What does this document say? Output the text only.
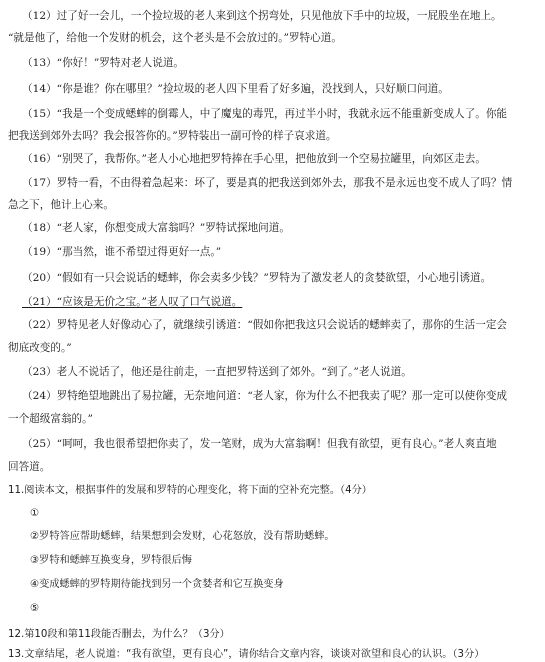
（12）过了好一会儿，一个捡垃圾的老人来到这个拐弯处，只见他放下手中的垃圾，一屁股坐在地上。
“就是他了，给他一个发财的机会，这个老头是不会放过的。”罗特心道。
（13）“你好！”罗特对老人说道。
（14）“你是谁？你在哪里？”捡垃圾的老人四下里看了好多遍，没找到人，只好顺口问道。
（15）“我是一个变成蟋蟀的倒霉人，中了魔鬼的毒咒，再过半小时，我就永远不能重新变成人了。你能
把我送到郊外去吗？我会报答你的。”罗特装出一副可怜的样子哀求道。
（16）“别哭了，我帮你。”老人小心地把罗特捧在手心里，把他放到一个空易拉罐里，向郊区走去。
（17）罗特一看，不由得着急起来：坏了，要是真的把我送到郊外去，那我不是永远也变不成人了吗？情
急之下，他计上心来。
（18）“老人家，你想变成大富翁吗？”罗特试探地问道。
（19）“那当然，谁不希望过得更好一点。”
（20）“假如有一只会说话的蟋蟀，你会卖多少钱？”罗特为了激发老人的贪婪欲望，小心地引诱道。
（21）“应该是无价之宝。”老人叹了口气说道。
（22）罗特见老人好像动心了，就继续引诱道：“假如你把我这只会说话的蟋蟀卖了，那你的生活一定会
彻底改变的。”
（23）老人不说话了，他还是往前走，一直把罗特送到了郊外。“到了。”老人说道。
（24）罗特绝望地跳出了易拉罐，无奈地问道：“老人家，你为什么不把我卖了呢？那一定可以使你变成
一个超级富翁的。”
（25）“呵呵，我也很希望把你卖了，发一笔财，成为大富翁啊！但我有欲望，更有良心。”老人爽直地
回答道。
11.阅读本文，根据事件的发展和罗特的心理变化，将下面的空补充完整。（4分）
①
②罗特答应帮助蟋蟀，结果想到会发财，心花怒放，没有帮助蟋蟀。
③罗特和蟋蟀互换变身，罗特很后悔
④变成蟋蟀的罗特期待能找到另一个贪婪者和它互换变身
⑤
12.第10段和第11段能否删去，为什么？（3分）
13.文章结尾，老人说道：“我有欲望，更有良心”，请你结合文章内容，谈谈对欲望和良心的认识。（3分）
